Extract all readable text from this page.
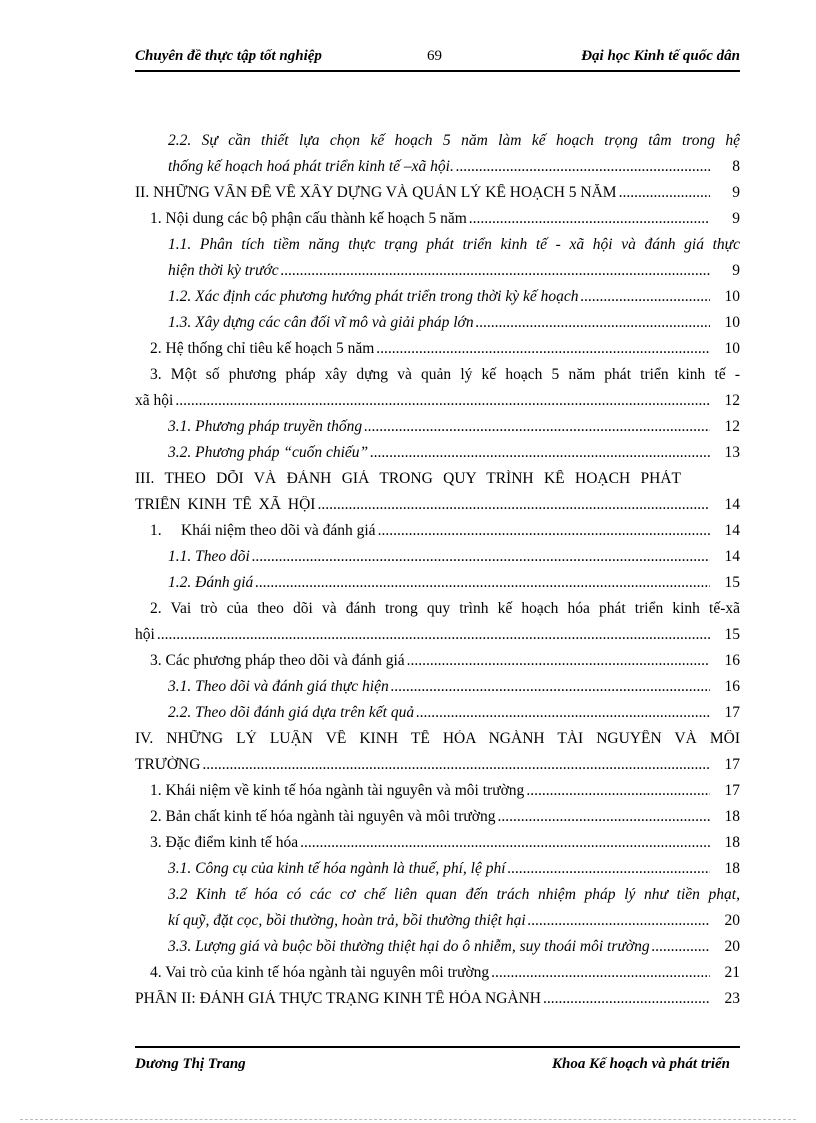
Chuyên đề thực tập tốt nghiệp	69	Đại học Kinh tế quốc dân
2.2. Sự cần thiết lựa chọn kế hoạch 5 năm làm kế hoạch trọng tâm trong hệ
thống kế hoạch hoá phát triển kinh tế –xã hội. .....	8
II. NHỮNG VẤN ĐỀ VỀ XÂY DỰNG VÀ QUẢN LÝ KẾ HOẠCH 5 NĂM .....	9
1. Nội dung các bộ phận cấu thành kế hoạch 5 năm .....	9
1.1. Phân tích tiềm năng thực trạng phát triển kinh tế - xã hội và đánh giá thực
hiện thời kỳ trước .....	9
1.2. Xác định các phương hướng phát triển trong thời kỳ kế hoạch .....	10
1.3. Xây dựng các cân đối vĩ mô và giải pháp lớn .....	10
2. Hệ thống chỉ tiêu kế hoạch 5 năm .....	10
3. Một số phương pháp xây dựng và quản lý kế hoạch 5 năm phát triển kinh tế -
xã hội .....	12
3.1. Phương pháp truyền thống .....	12
3.2. Phương pháp “cuốn chiếu” .....	13
III. THEO DÕI VÀ ĐÁNH GIÁ TRONG QUY TRÌNH KẾ HOẠCH PHÁT
TRIỂN KINH TẾ XÃ HỘI .....	14
1.     Khái niệm theo dõi và đánh giá .....	14
1.1. Theo dõi .....	14
1.2. Đánh giá .....	15
2. Vai trò của theo dõi và đánh trong quy trình kế hoạch hóa phát triển kinh tế-xã
hội .....	15
3. Các phương pháp theo dõi và đánh giá .....	16
3.1. Theo dõi và đánh giá thực hiện .....	16
2.2. Theo dõi đánh giá dựa trên kết quả .....	17
IV. NHỮNG LÝ LUẬN VỀ KINH TẾ HÓA NGÀNH TÀI NGUYÊN VÀ MÔI
TRƯỜNG .....	17
1. Khái niệm về kinh tế hóa ngành tài nguyên và môi trường .....	17
2. Bản chất kinh tế hóa ngành tài nguyên và môi trường .....	18
3. Đặc điểm kinh tế hóa .....	18
3.1. Công cụ của kinh tế hóa ngành là thuế, phí, lệ phí .....	18
3.2 Kinh tế hóa có các cơ chế liên quan đến trách nhiệm pháp lý như tiền phạt,
kí quỹ, đặt cọc, bồi thường, hoàn trả, bồi thường thiệt hại .....	20
3.3. Lượng giá và buộc bồi thường thiệt hại do ô nhiễm, suy thoái môi trường .....	20
4. Vai trò của kinh tế hóa ngành tài nguyên môi trường .....	21
PHẦN II: ĐÁNH GIÁ THỰC TRẠNG KINH TẾ HÓA NGÀNH .....	23
Dương Thị Trang	Khoa Kế hoạch và phát triển
